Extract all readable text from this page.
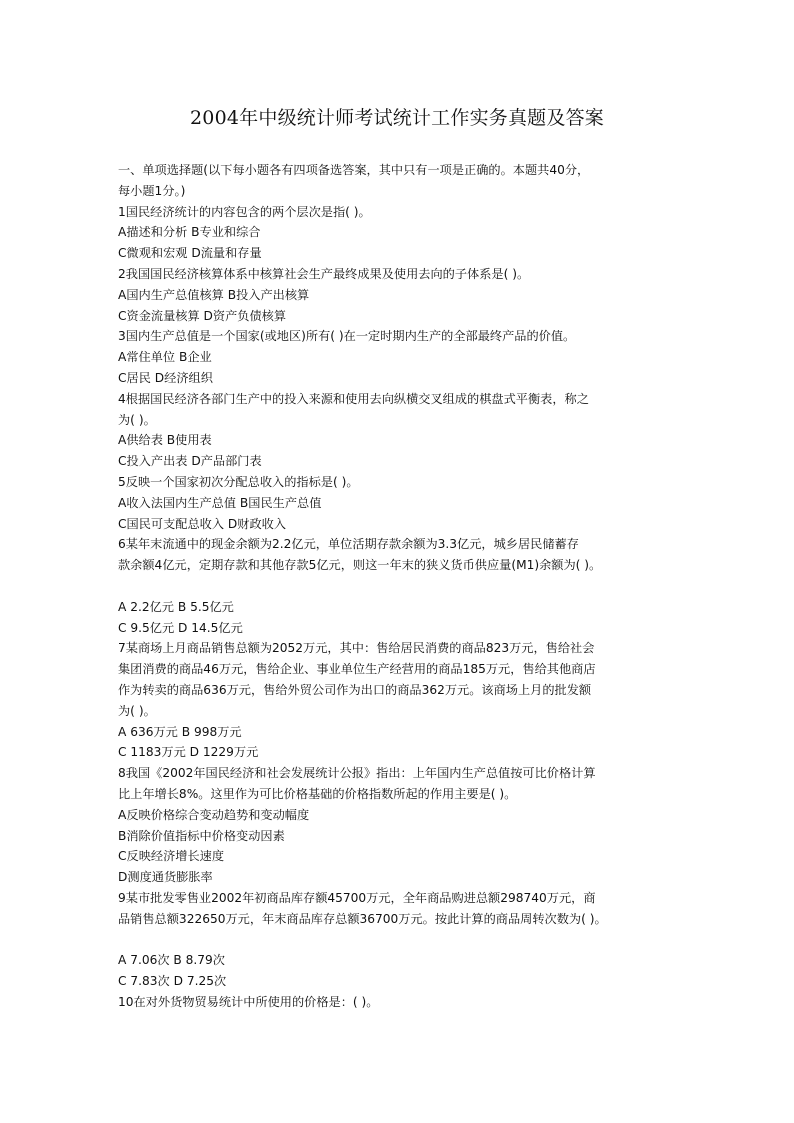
2004年中级统计师考试统计工作实务真题及答案
一、单项选择题(以下每小题各有四项备选答案，其中只有一项是正确的。本题共40分，
每小题1分。)
1国民经济统计的内容包含的两个层次是指( )。
A描述和分析 B专业和综合
C微观和宏观 D流量和存量
2我国国民经济核算体系中核算社会生产最终成果及使用去向的子体系是( )。
A国内生产总值核算 B投入产出核算
C资金流量核算 D资产负债核算
3国内生产总值是一个国家(或地区)所有( )在一定时期内生产的全部最终产品的价值。
A常住单位 B企业
C居民 D经济组织
4根据国民经济各部门生产中的投入来源和使用去向纵横交叉组成的棋盘式平衡表，称之
为( )。
A供给表 B使用表
C投入产出表 D产品部门表
5反映一个国家初次分配总收入的指标是( )。
A收入法国内生产总值 B国民生产总值
C国民可支配总收入 D财政收入
6某年末流通中的现金余额为2.2亿元，单位活期存款余额为3.3亿元，城乡居民储蓄存
款余额4亿元，定期存款和其他存款5亿元，则这一年末的狭义货币供应量(M1)余额为( )。
A 2.2亿元 B 5.5亿元
C 9.5亿元 D 14.5亿元
7某商场上月商品销售总额为2052万元，其中：售给居民消费的商品823万元，售给社会
集团消费的商品46万元，售给企业、事业单位生产经营用的商品185万元，售给其他商店
作为转卖的商品636万元，售给外贸公司作为出口的商品362万元。该商场上月的批发额
为( )。
A 636万元 B 998万元
C 1183万元 D 1229万元
8我国《2002年国民经济和社会发展统计公报》指出：上年国内生产总值按可比价格计算
比上年增长8%。这里作为可比价格基础的价格指数所起的作用主要是( )。
A反映价格综合变动趋势和变动幅度
B消除价值指标中价格变动因素
C反映经济增长速度
D测度通货膨胀率
9某市批发零售业2002年初商品库存额45700万元，全年商品购进总额298740万元，商
品销售总额322650万元，年末商品库存总额36700万元。按此计算的商品周转次数为( )。
A 7.06次 B 8.79次
C 7.83次 D 7.25次
10在对外货物贸易统计中所使用的价格是：( )。
